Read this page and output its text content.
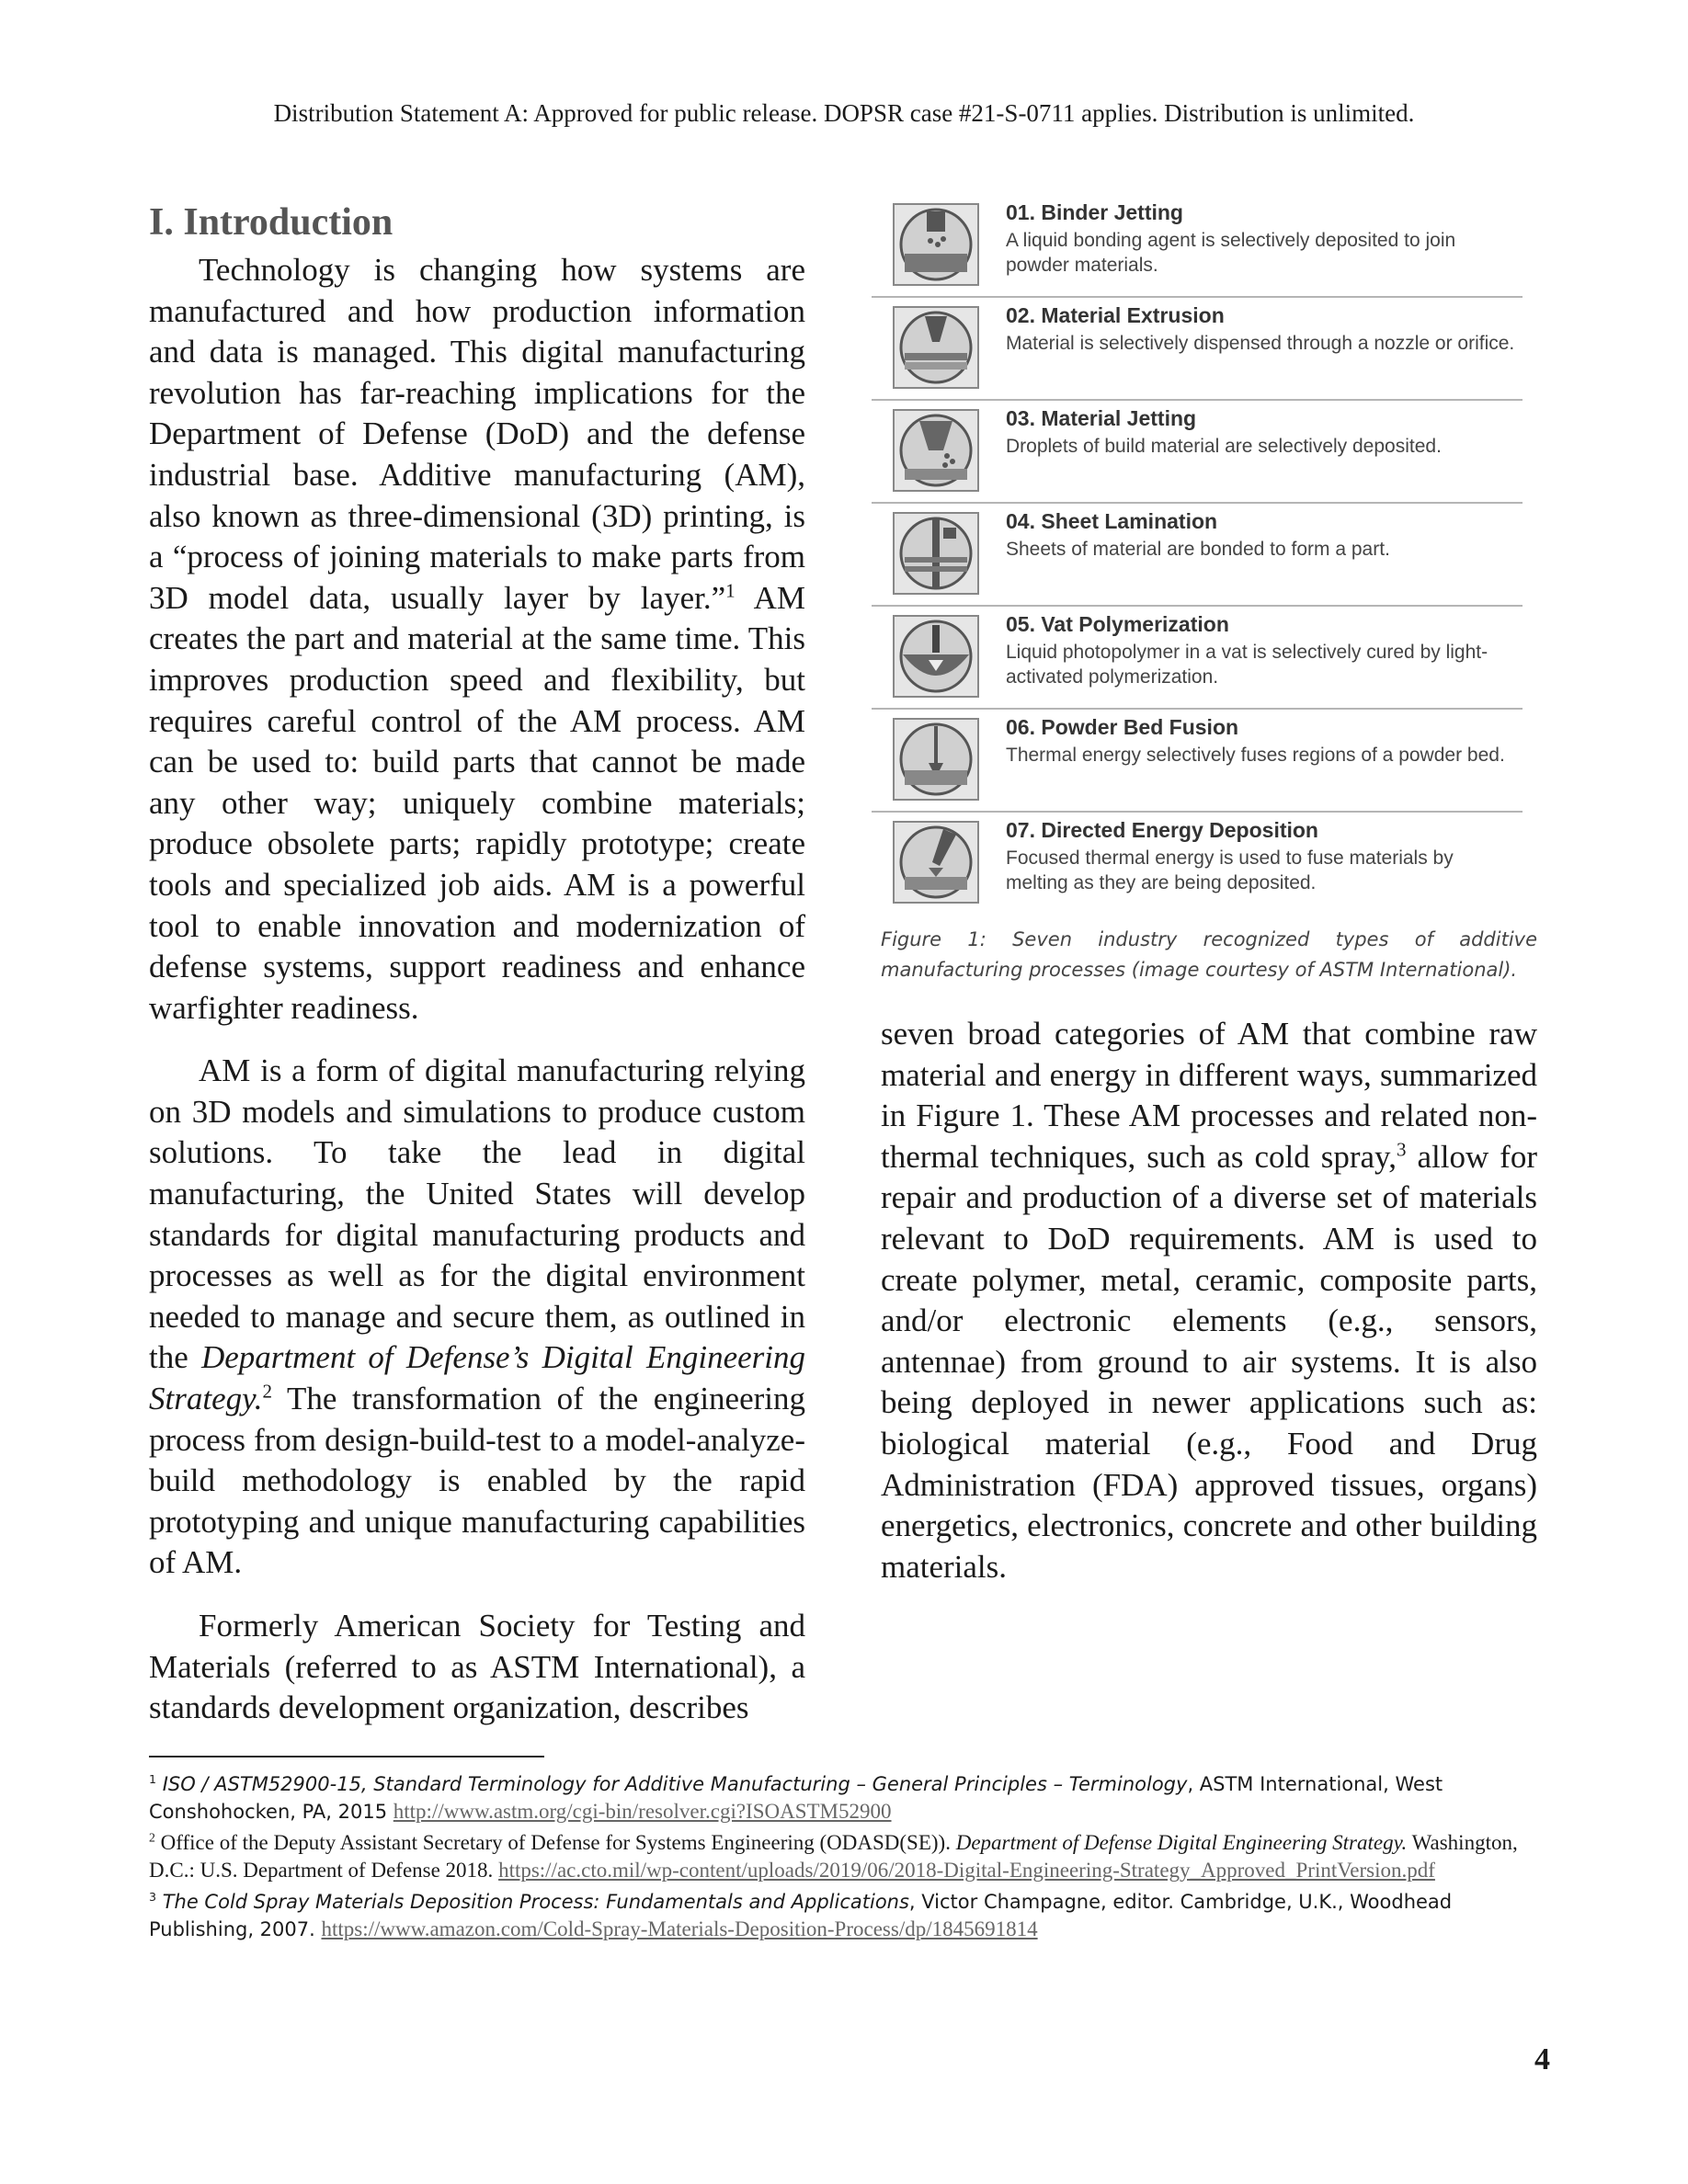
Distribution Statement A: Approved for public release. DOPSR case #21-S-0711 applies. Distribution is unlimited.
I. Introduction

Technology is changing how systems are manufactured and how production information and data is managed. This digital manufacturing revolution has far-reaching implications for the Department of Defense (DoD) and the defense industrial base. Additive manufacturing (AM), also known as three-dimensional (3D) printing, is a “process of joining materials to make parts from 3D model data, usually layer by layer.”$^1$ AM creates the part and material at the same time. This improves production speed and flexibility, but requires careful control of the AM process. AM can be used to: build parts that cannot be made any other way; uniquely combine materials; produce obsolete parts; rapidly prototype; create tools and specialized job aids. AM is a powerful tool to enable innovation and modernization of defense systems, support readiness and enhance warfighter readiness.

AM is a form of digital manufacturing relying on 3D models and simulations to produce custom solutions. To take the lead in digital manufacturing, the United States will develop standards for digital manufacturing products and processes as well as for the digital environment needed to manage and secure them, as outlined in the Department of Defense’s Digital Engineering Strategy.$^2$ The transformation of the engineering process from design-build-test to a model-analyze-build methodology is enabled by the rapid prototyping and unique manufacturing capabilities of AM.

Formerly American Society for Testing and Materials (referred to as ASTM International), a standards development organization, describes

01. Binder Jetting
A liquid bonding agent is selectively deposited to join powder materials.
02. Material Extrusion
Material is selectively dispensed through a nozzle or orifice.
03. Material Jetting
Droplets of build material are selectively deposited.
04. Sheet Lamination
Sheets of material are bonded to form a part.
05. Vat Polymerization
Liquid photopolymer in a vat is selectively cured by light-activated polymerization.
06. Powder Bed Fusion
Thermal energy selectively fuses regions of a powder bed.
07. Directed Energy Deposition
Focused thermal energy is used to fuse materials by melting as they are being deposited.
Figure 1: Seven industry recognized types of additive manufacturing processes (image courtesy of ASTM International).

seven broad categories of AM that combine raw material and energy in different ways, summarized in Figure 1. These AM processes and related non-thermal techniques, such as cold spray,$^3$ allow for repair and production of a diverse set of materials relevant to DoD requirements. AM is used to create polymer, metal, ceramic, composite parts, and/or electronic elements (e.g., sensors, antennae) from ground to air systems. It is also being deployed in newer applications such as: biological material (e.g., Food and Drug Administration (FDA) approved tissues, organs) energetics, electronics, concrete and other building materials.

$^1$ ISO / ASTM52900-15, Standard Terminology for Additive Manufacturing – General Principles – Terminology, ASTM International, West Conshohocken, PA, 2015 http://www.astm.org/cgi-bin/resolver.cgi?ISOASTM52900
$^2$ Office of the Deputy Assistant Secretary of Defense for Systems Engineering (ODASD(SE)). Department of Defense Digital Engineering Strategy. Washington, D.C.: U.S. Department of Defense 2018. https://ac.cto.mil/wp-content/uploads/2019/06/2018-Digital-Engineering-Strategy_Approved_PrintVersion.pdf
$^3$ The Cold Spray Materials Deposition Process: Fundamentals and Applications, Victor Champagne, editor. Cambridge, U.K., Woodhead Publishing, 2007. https://www.amazon.com/Cold-Spray-Materials-Deposition-Process/dp/1845691814
4
